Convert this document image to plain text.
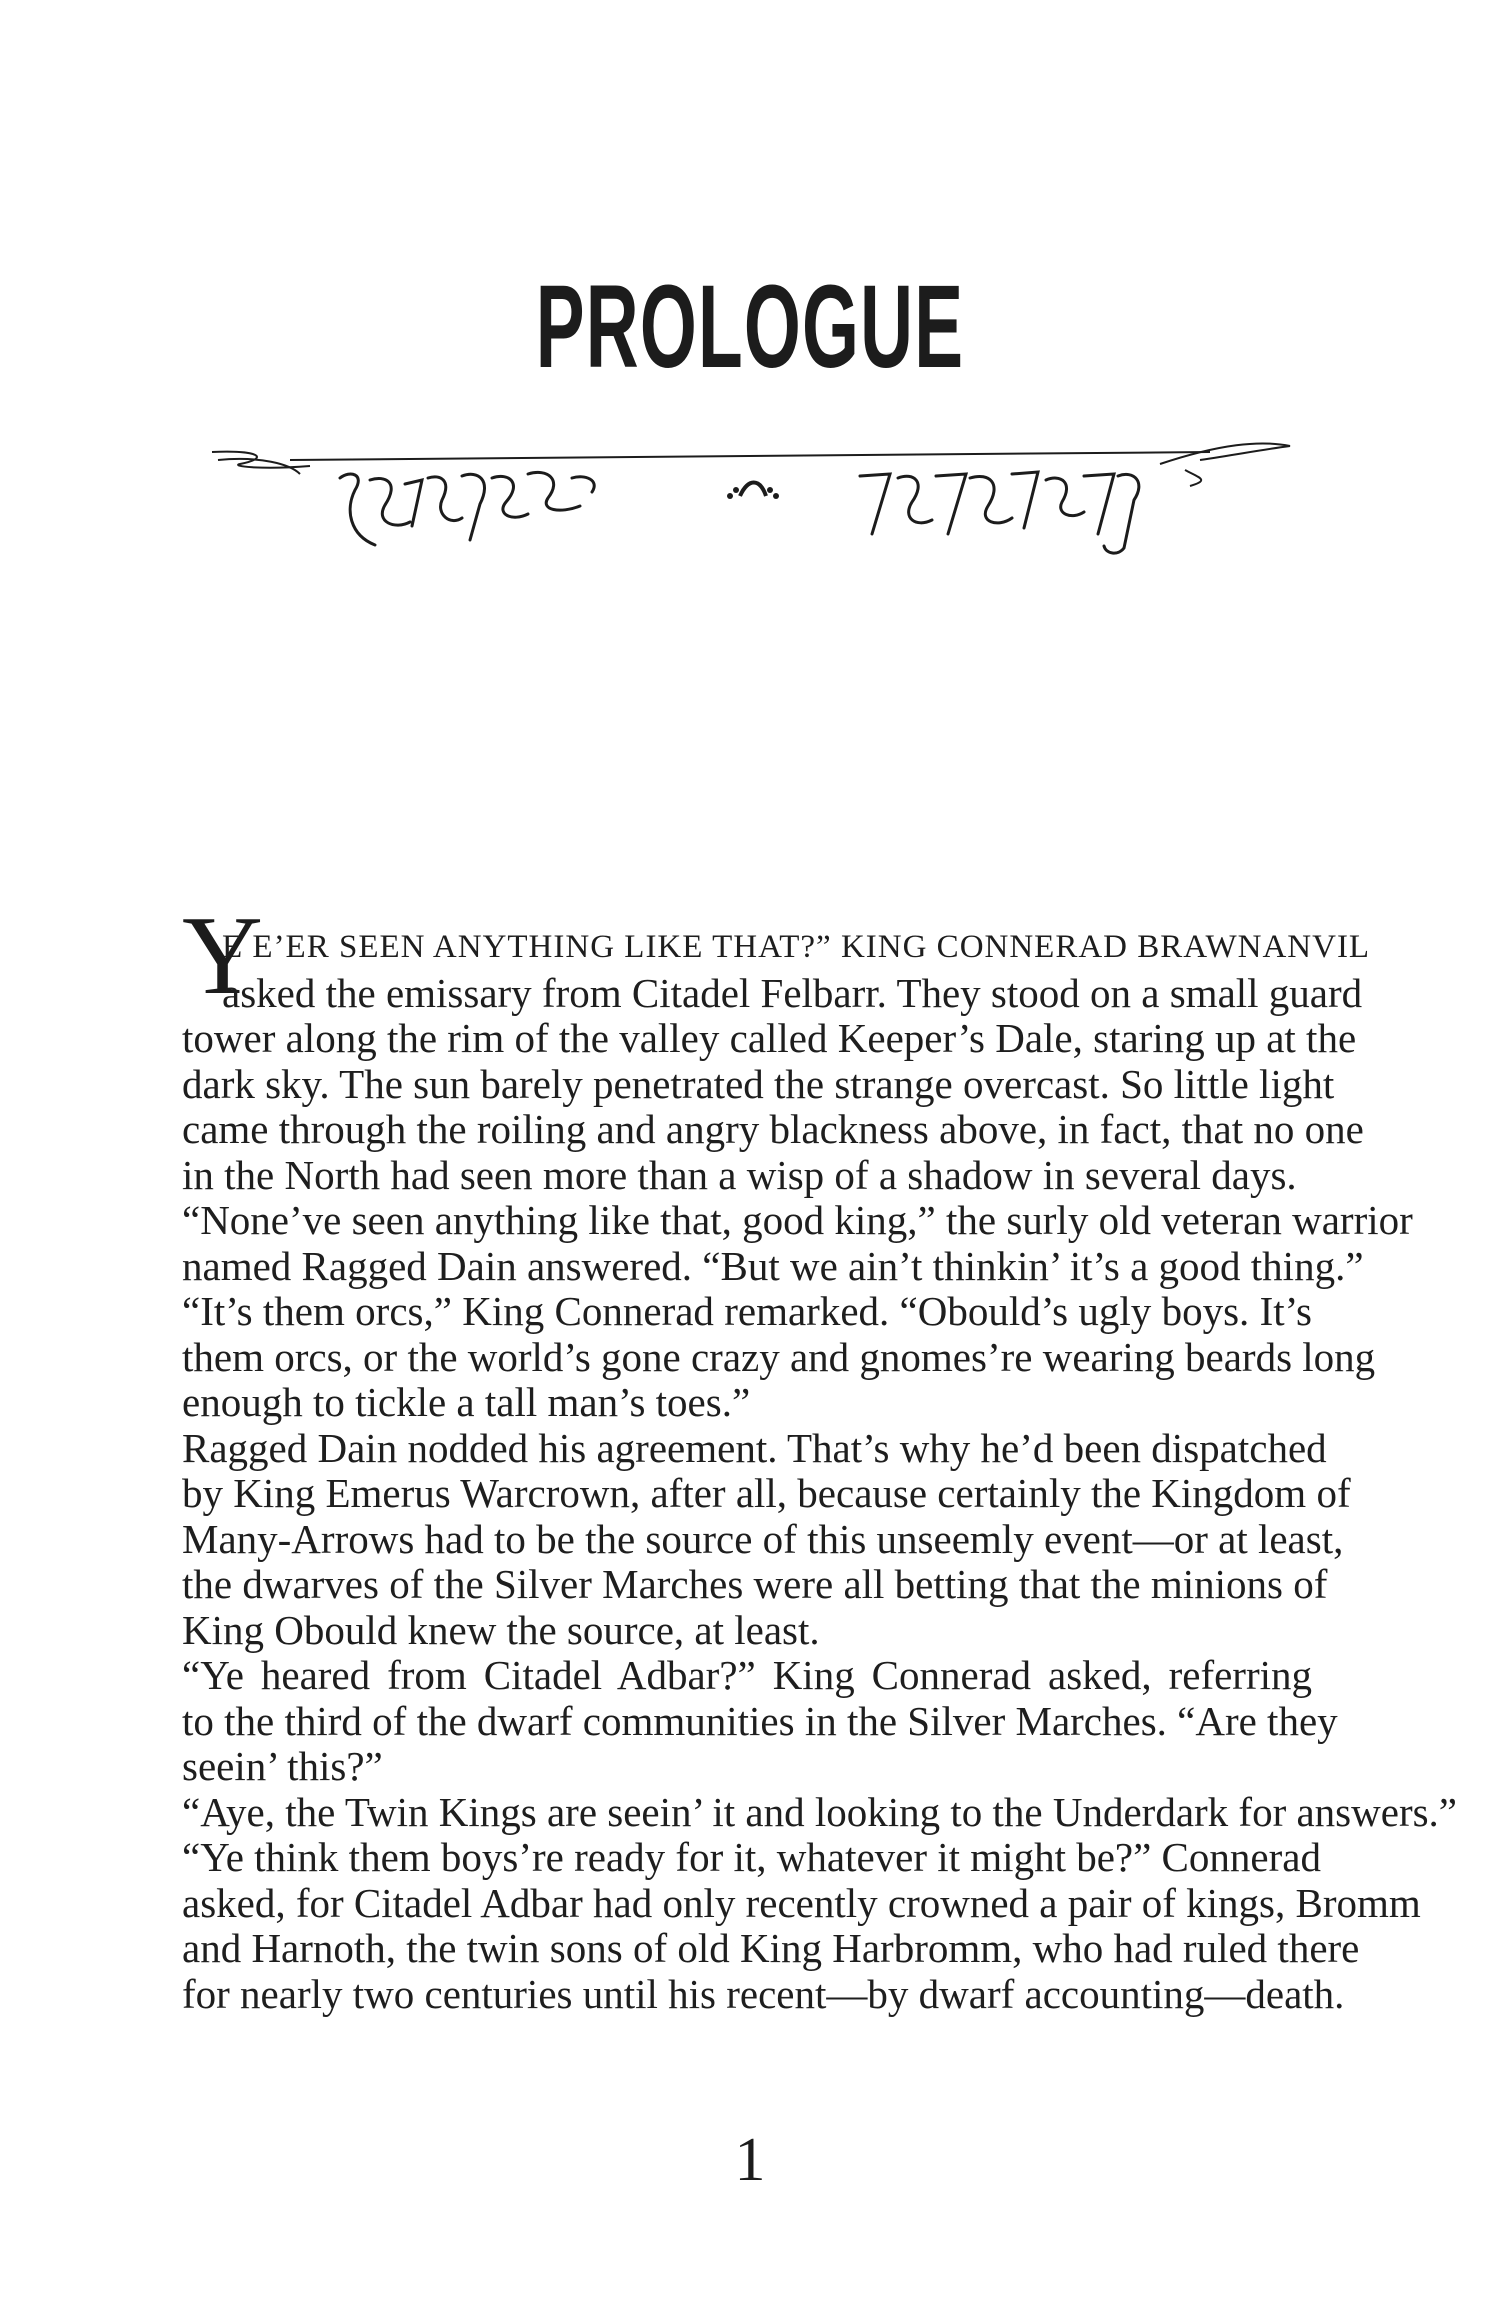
PROLOGUE
Y
E E’ER SEEN ANYTHING LIKE THAT?” KING CONNERAD BRAWNANVIL
asked the emissary from Citadel Felbarr. They stood on a small guard
tower along the rim of the valley called Keeper’s Dale, staring up at the
dark sky. The sun barely penetrated the strange overcast. So little light
came through the roiling and angry blackness above, in fact, that no one
in the North had seen more than a wisp of a shadow in several days.
“None’ve seen anything like that, good king,” the surly old veteran warrior
named Ragged Dain answered. “But we ain’t thinkin’ it’s a good thing.”
“It’s them orcs,” King Connerad remarked. “Obould’s ugly boys. It’s
them orcs, or the world’s gone crazy and gnomes’re wearing beards long
enough to tickle a tall man’s toes.”
Ragged Dain nodded his agreement. That’s why he’d been dispatched
by King Emerus Warcrown, after all, because certainly the Kingdom of
Many-Arrows had to be the source of this unseemly event—or at least,
the dwarves of the Silver Marches were all betting that the minions of
King Obould knew the source, at least.
“Ye heared from Citadel Adbar?” King Connerad asked, referring
to the third of the dwarf communities in the Silver Marches. “Are they
seein’ this?”
“Aye, the Twin Kings are seein’ it and looking to the Underdark for answers.”
“Ye think them boys’re ready for it, whatever it might be?” Connerad
asked, for Citadel Adbar had only recently crowned a pair of kings, Bromm
and Harnoth, the twin sons of old King Harbromm, who had ruled there
for nearly two centuries until his recent—by dwarf accounting—death.
1
